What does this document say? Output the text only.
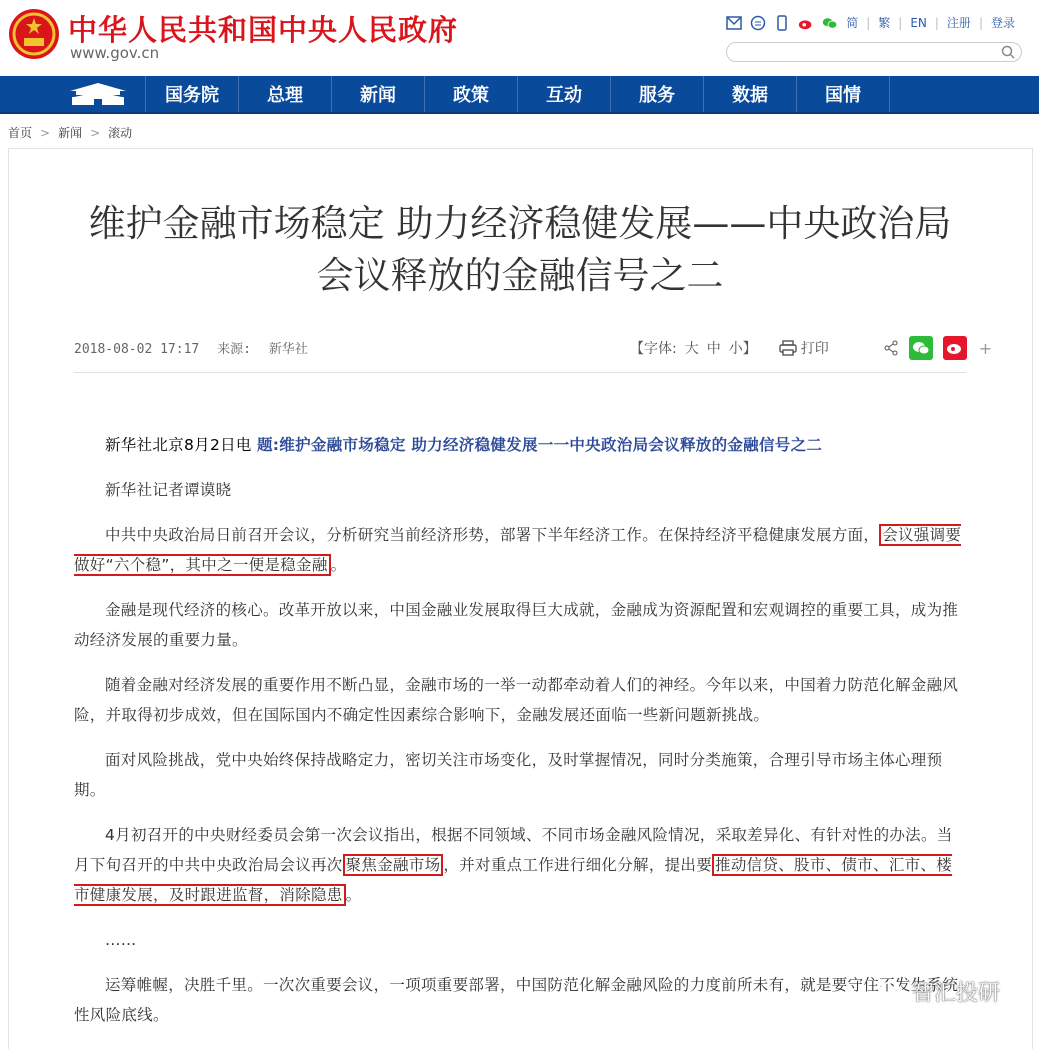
中华人民共和国中央人民政府
www.gov.cn
简 | 繁 | EN | 注册 | 登录
国务院	总理	新闻	政策	互动	服务	数据	国情
首页 > 新闻 > 滚动
维护金融市场稳定 助力经济稳健发展——中央政治局
会议释放的金融信号之二
2018-08-02 17:17 来源: 新华社	【字体: 大 中 小】	打印	+

新华社北京8月2日电 题:维护金融市场稳定 助力经济稳健发展一一中央政治局会议释放的金融信号之二

新华社记者谭谟晓

中共中央政治局日前召开会议，分析研究当前经济形势，部署下半年经济工作。在保持经济平稳健康发展方面， 会议强调要做好“六个稳”，其中之一便是稳金融 。

金融是现代经济的核心。改革开放以来，中国金融业发展取得巨大成就，金融成为资源配置和宏观调控的重要工具，成为推动经济发展的重要力量。

随着金融对经济发展的重要作用不断凸显，金融市场的一举一动都牵动着人们的神经。今年以来，中国着力防范化解金融风险，并取得初步成效，但在国际国内不确定性因素综合影响下，金融发展还面临一些新问题新挑战。

面对风险挑战，党中央始终保持战略定力，密切关注市场变化，及时掌握情况，同时分类施策，合理引导市场主体心理预期。

4月初召开的中央财经委员会第一次会议指出，根据不同领域、不同市场金融风险情况，采取差异化、有针对性的办法。当月下旬召开的中共中央政治局会议再次 聚焦金融市场 ，并对重点工作进行细化分解，提出要 推动信贷、股市、债市、汇市、楼市健康发展，及时跟进监督，消除隐患 。

……

运筹帷幄，决胜千里。一次次重要会议，一项项重要部署，中国防范化解金融风险的力度前所未有，就是要守住不发生系统性风险底线。

智汇投研
